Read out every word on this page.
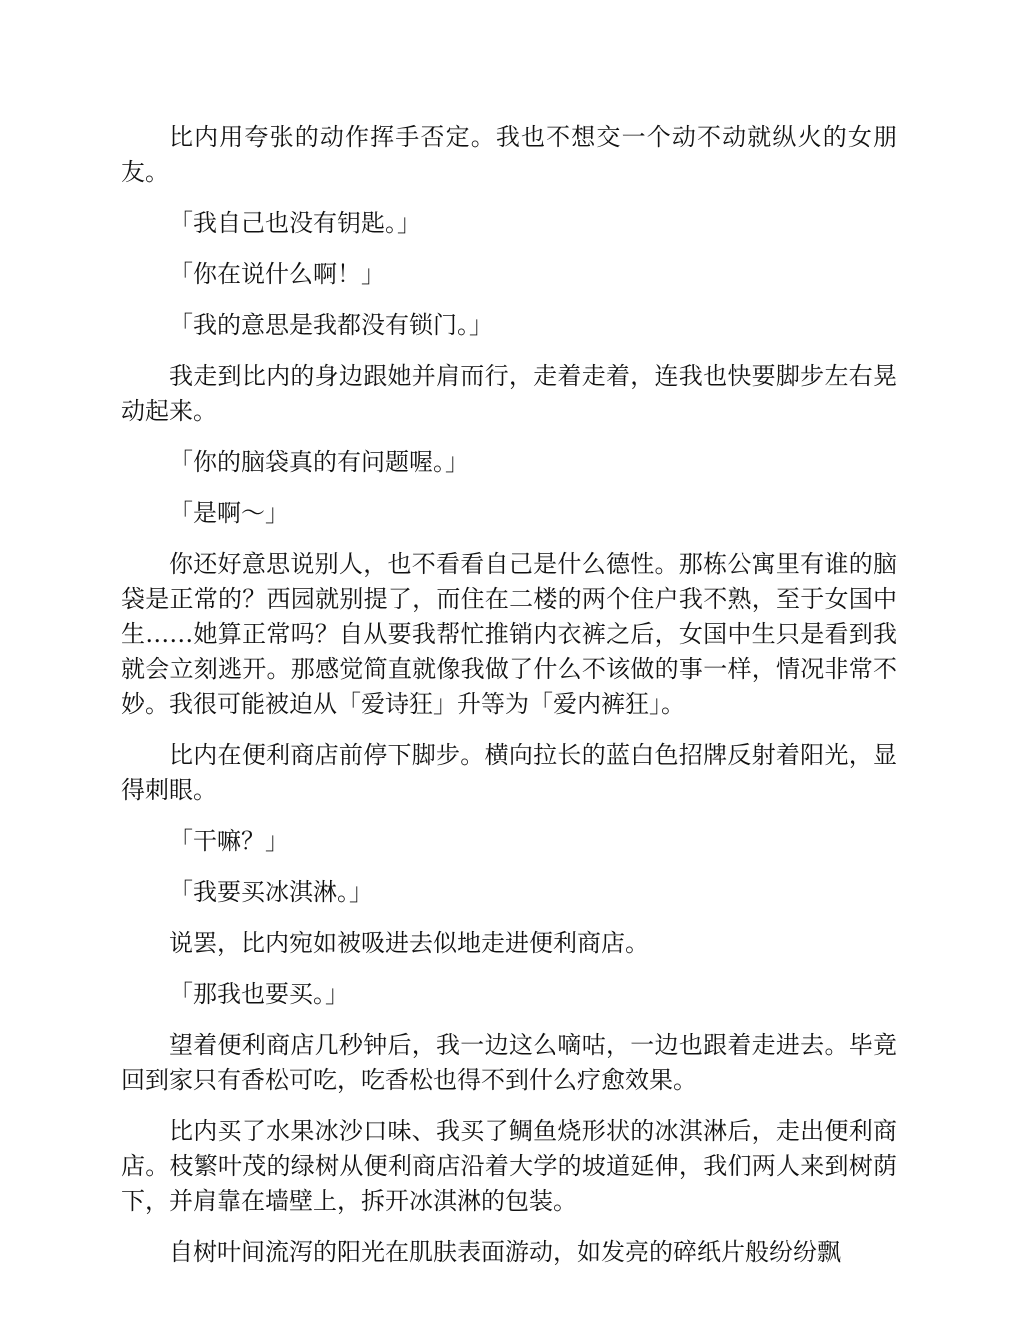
比内用夸张的动作挥手否定。我也不想交一个动不动就纵火的女朋友。

「我自己也没有钥匙。」

「你在说什么啊！」

「我的意思是我都没有锁门。」

我走到比内的身边跟她并肩而行，走着走着，连我也快要脚步左右晃动起来。

「你的脑袋真的有问题喔。」

「是啊～」

你还好意思说别人，也不看看自己是什么德性。那栋公寓里有谁的脑袋是正常的？西园就别提了，而住在二楼的两个住户我不熟，至于女国中生……她算正常吗？自从要我帮忙推销内衣裤之后，女国中生只是看到我就会立刻逃开。那感觉简直就像我做了什么不该做的事一样，情况非常不妙。我很可能被迫从「爱诗狂」升等为「爱内裤狂」。

比内在便利商店前停下脚步。横向拉长的蓝白色招牌反射着阳光，显得刺眼。

「干嘛？」

「我要买冰淇淋。」

说罢，比内宛如被吸进去似地走进便利商店。

「那我也要买。」

望着便利商店几秒钟后，我一边这么嘀咕，一边也跟着走进去。毕竟回到家只有香松可吃，吃香松也得不到什么疗愈效果。

比内买了水果冰沙口味、我买了鲷鱼烧形状的冰淇淋后，走出便利商店。枝繁叶茂的绿树从便利商店沿着大学的坡道延伸，我们两人来到树荫下，并肩靠在墙壁上，拆开冰淇淋的包装。

自树叶间流泻的阳光在肌肤表面游动，如发亮的碎纸片般纷纷飘
